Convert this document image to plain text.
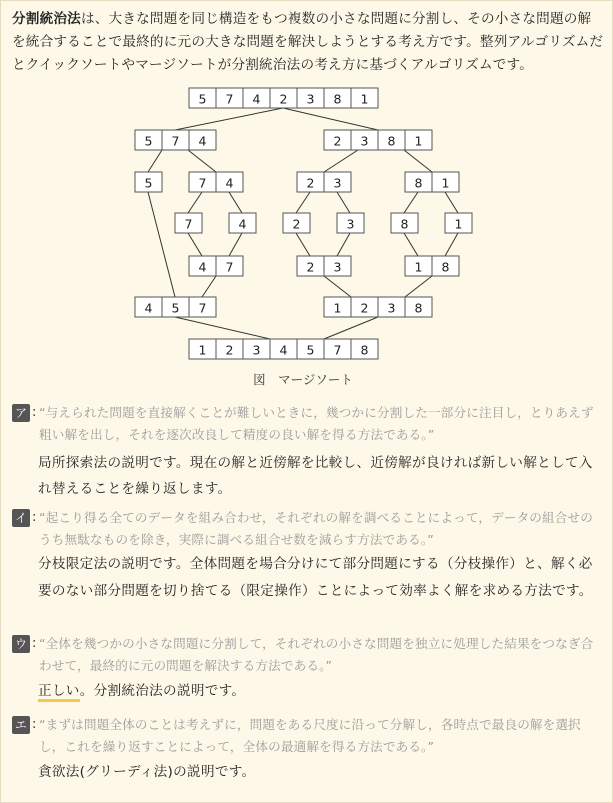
分割統治法は、大きな問題を同じ構造をもつ複数の小さな問題に分割し、その小さな問題の解を統合することで最終的に元の大きな問題を解決しようとする考え方です。整列アルゴリズムだとクイックソートやマージソートが分割統治法の考え方に基づくアルゴリズムです。
5 7 4 2 3 8 1
5 7 4	2 3 8 1
5	7 4	2 3	8 1
7	4	2	3	8	1
4 7	2 3	1 8
4 5 7	1 2 3 8
1 2 3 4 5 7 8
図　マージソート
ア : “与えられた問題を直接解くことが難しいときに，幾つかに分割した一部分に注目し，とりあえず粗い解を出し，それを逐次改良して精度の良い解を得る方法である。”
局所探索法の説明です。現在の解と近傍解を比較し、近傍解が良ければ新しい解として入れ替えることを繰り返します。
イ : “起こり得る全てのデータを組み合わせ，それぞれの解を調べることによって，データの組合せのうち無駄なものを除き，実際に調べる組合せ数を減らす方法である。”
分枝限定法の説明です。全体問題を場合分けにて部分問題にする（分枝操作）と、解く必要のない部分問題を切り捨てる（限定操作）ことによって効率よく解を求める方法です。
ウ : “全体を幾つかの小さな問題に分割して，それぞれの小さな問題を独立に処理した結果をつなぎ合わせて，最終的に元の問題を解決する方法である。”
正しい。分割統治法の説明です。
エ : “まずは問題全体のことは考えずに，問題をある尺度に沿って分解し，各時点で最良の解を選択し，これを繰り返すことによって，全体の最適解を得る方法である。”
貪欲法(グリーディ法)の説明です。
